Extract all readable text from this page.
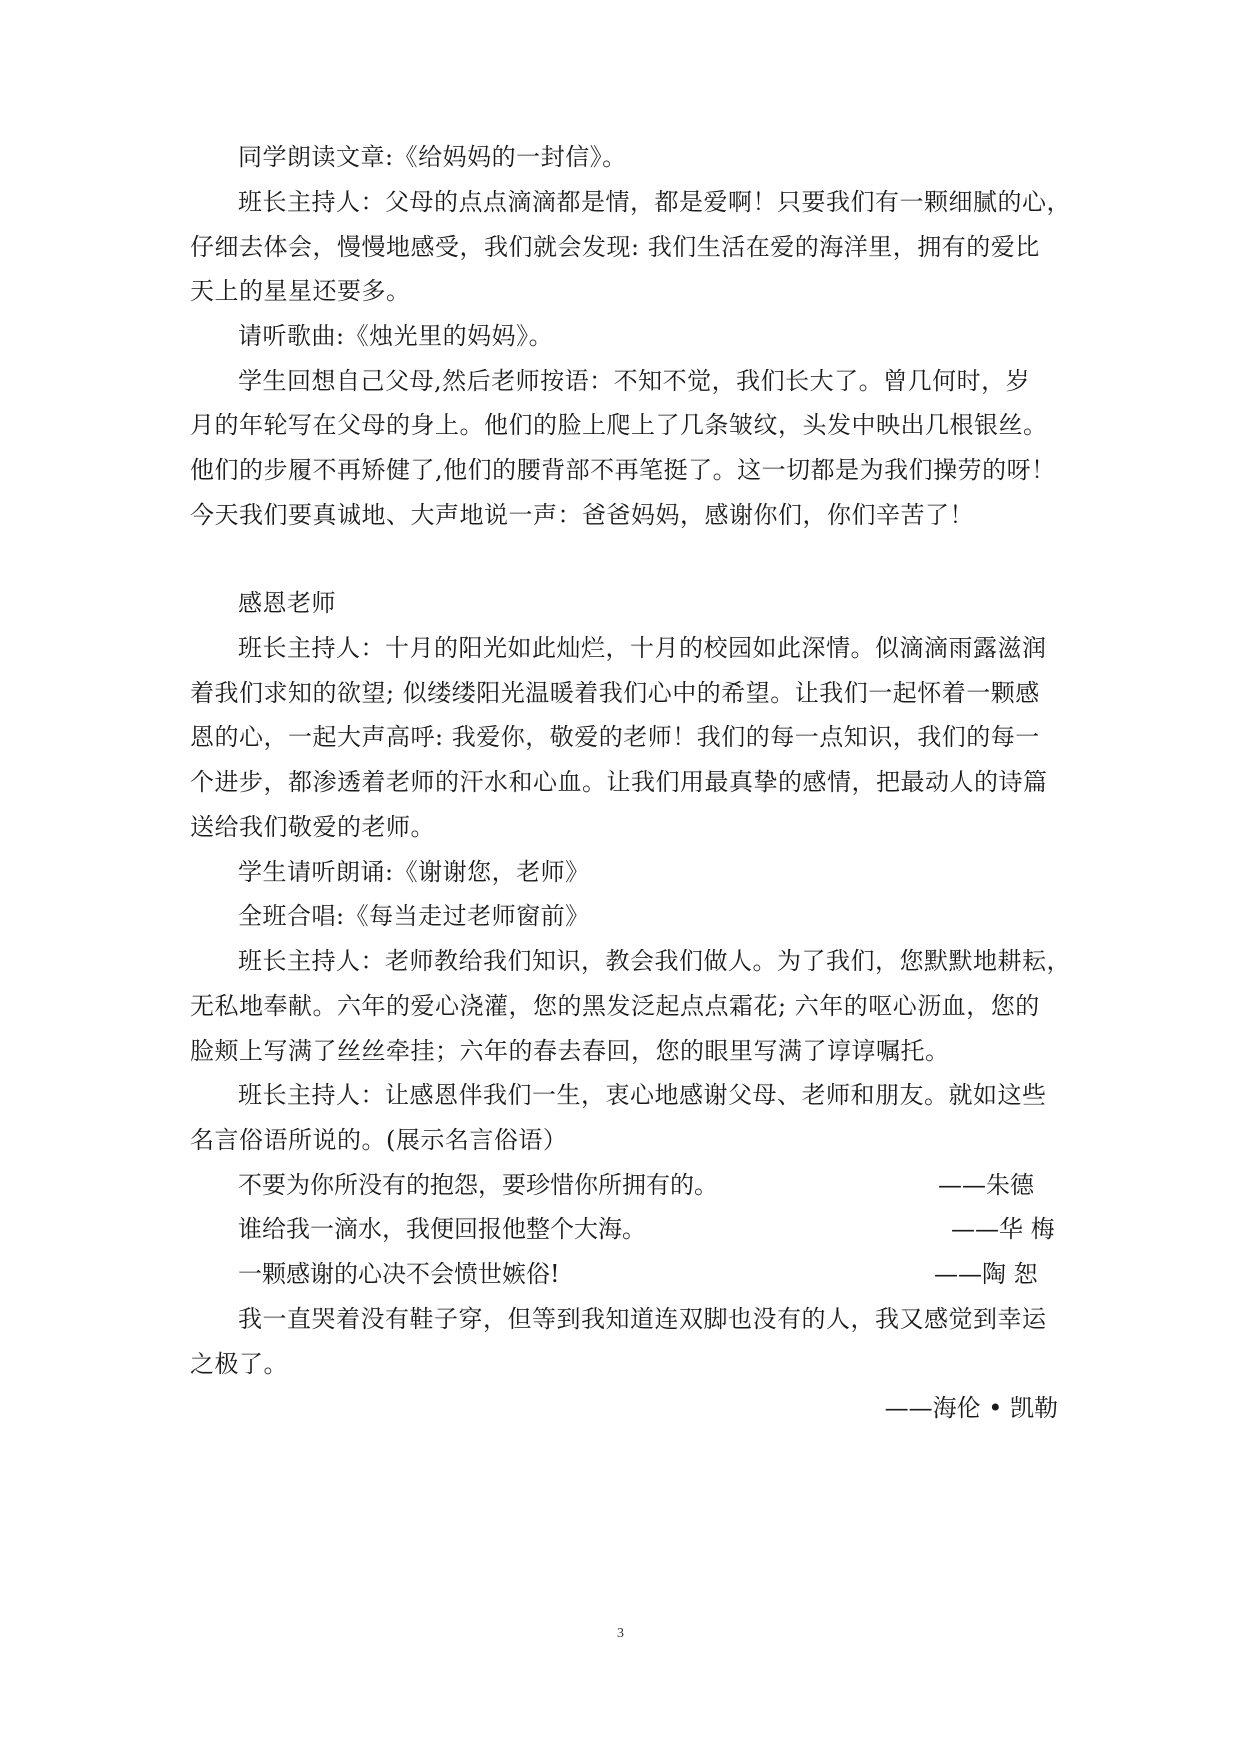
同学朗读文章:《给妈妈的一封信》。
班长主持人：父母的点点滴滴都是情，都是爱啊！只要我们有一颗细腻的心，
仔细去体会，慢慢地感受，我们就会发现: 我们生活在爱的海洋里，拥有的爱比
天上的星星还要多。
请听歌曲:《烛光里的妈妈》。
学生回想自己父母,然后老师按语：不知不觉，我们长大了。曾几何时，岁
月的年轮写在父母的身上。他们的脸上爬上了几条皱纹，头发中映出几根银丝。
他们的步履不再矫健了,他们的腰背部不再笔挺了。这一切都是为我们操劳的呀！
今天我们要真诚地、大声地说一声：爸爸妈妈，感谢你们，你们辛苦了！
感恩老师
班长主持人：十月的阳光如此灿烂，十月的校园如此深情。似滴滴雨露滋润
着我们求知的欲望; 似缕缕阳光温暖着我们心中的希望。让我们一起怀着一颗感
恩的心，一起大声高呼: 我爱你，敬爱的老师！我们的每一点知识，我们的每一
个进步，都渗透着老师的汗水和心血。让我们用最真挚的感情，把最动人的诗篇
送给我们敬爱的老师。
学生请听朗诵:《谢谢您，老师》
全班合唱:《每当走过老师窗前》
班长主持人：老师教给我们知识，教会我们做人。为了我们，您默默地耕耘，
无私地奉献。六年的爱心浇灌，您的黑发泛起点点霜花; 六年的呕心沥血，您的
脸颊上写满了丝丝牵挂；六年的春去春回，您的眼里写满了谆谆嘱托。
班长主持人：让感恩伴我们一生，衷心地感谢父母、老师和朋友。就如这些
名言俗语所说的。(展示名言俗语）
不要为你所没有的抱怨，要珍惜你所拥有的。	——朱德
谁给我一滴水，我便回报他整个大海。	——华 梅
一颗感谢的心决不会愤世嫉俗!	——陶 恕
我一直哭着没有鞋子穿，但等到我知道连双脚也没有的人，我又感觉到幸运
之极了。
——海伦 • 凯勒
3
